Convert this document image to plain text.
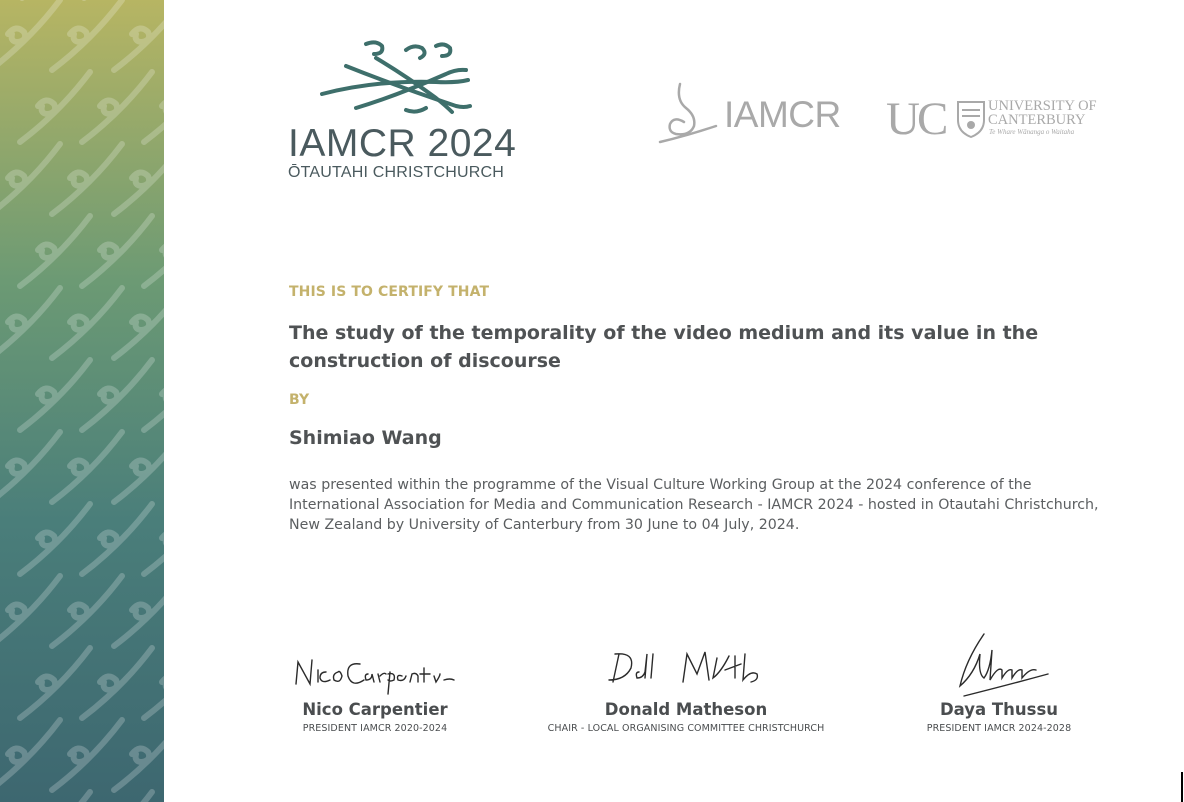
IAMCR 2024
ŌTAUTAHI CHRISTCHURCH
IAMCR UC	UNIVERSITY OF
CANTERBURY
Te Whare Wānanga o Waitaha
THIS IS TO CERTIFY THAT
The study of the temporality of the video medium and its value in the construction of discourse
BY
Shimiao Wang
was presented within the programme of the Visual Culture Working Group at the 2024 conference of the International Association for Media and Communication Research - IAMCR 2024 - hosted in Otautahi Christchurch, New Zealand by University of Canterbury from 30 June to 04 July, 2024.
Nico Carpentier
PRESIDENT IAMCR 2020-2024
Donald Matheson
CHAIR - LOCAL ORGANISING COMMITTEE CHRISTCHURCH
Daya Thussu
PRESIDENT IAMCR 2024-2028
